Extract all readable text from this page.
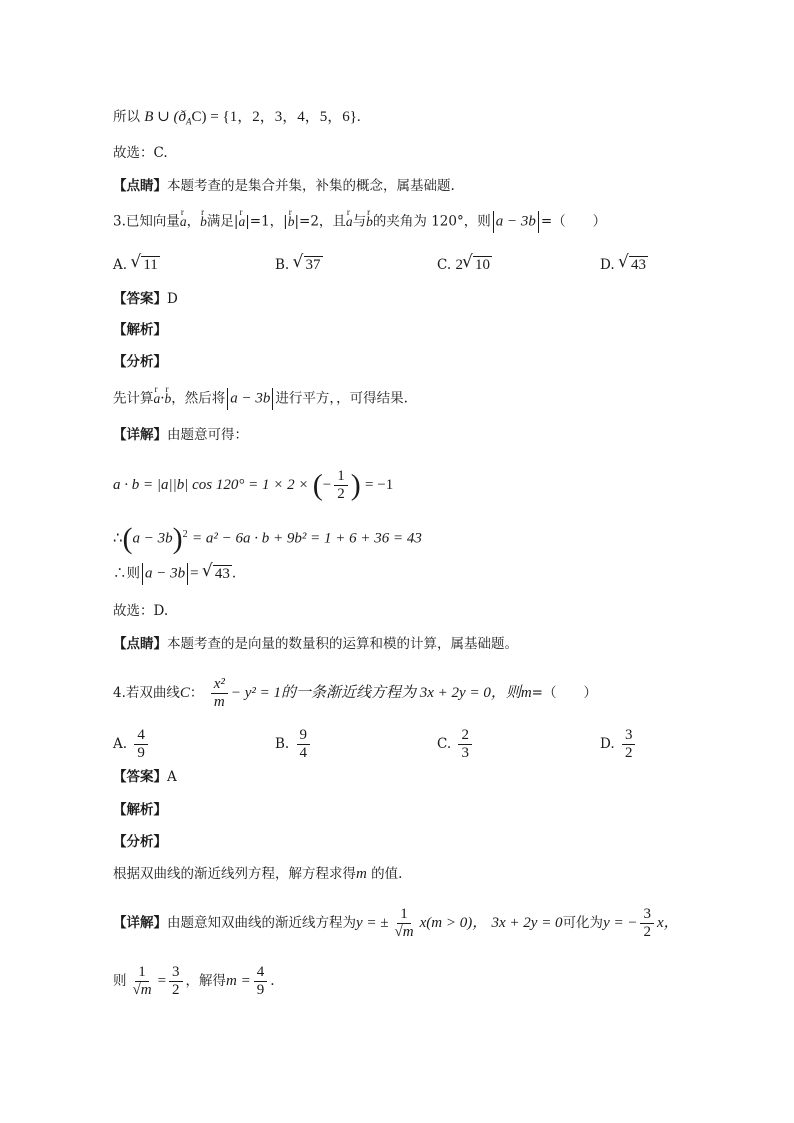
所以 B ∪ $(ð_AC) = \{1$，2，3，4，5，6}.
故选：C.
【点睛】本题考查的是集合并集，补集的概念，属基础题.
3.已知向量r a，r b满足|r a|=1，|r b|=2，且r a与r b的夹角为 120°，则 a − 3b =（　　）
A. √ 11	B. √ 37	C. 2 √ 10	D. √ 43
【答案】D
【解析】
【分析】
先计算r a·r b，然后将 a − 3b 进行平方，，可得结果.
【详解】由题意可得：
a · b = |a||b| cos 120° = 1 × 2 × (− $\frac{1}{2}$ ) = −1
∴(a − 3b)$^2$ = a² − 6a · b + 9b² = 1 + 6 + 36 = 43
∴则 a − 3b = √ 43 .
故选：D.
【点睛】本题考查的是向量的数量积的运算和模的计算，属基础题。
4.若双曲线C： $\frac{\text{x²}}{m} - y^2 = 1$的一条渐近线方程为 3x + 2y = 0，则m=（　　）
A. $\frac{4}{9}$	B. $\frac{9}{4}$	C. $\frac{2}{3}$	D. $\frac{3}{2}$
【答案】A
【解析】
【分析】
根据双曲线的渐近线列方程，解方程求得m 的值.
【详解】由题意知双曲线的渐近线方程为y = ± $\frac{1}{√m} x(m > 0)$， 3x + 2y = 0可化为y = − $\frac{3}{2}$ x，
则 $\frac{1}{√m} = \frac{3}{2}$ ，解得$m = \frac{4}{9}$ .
